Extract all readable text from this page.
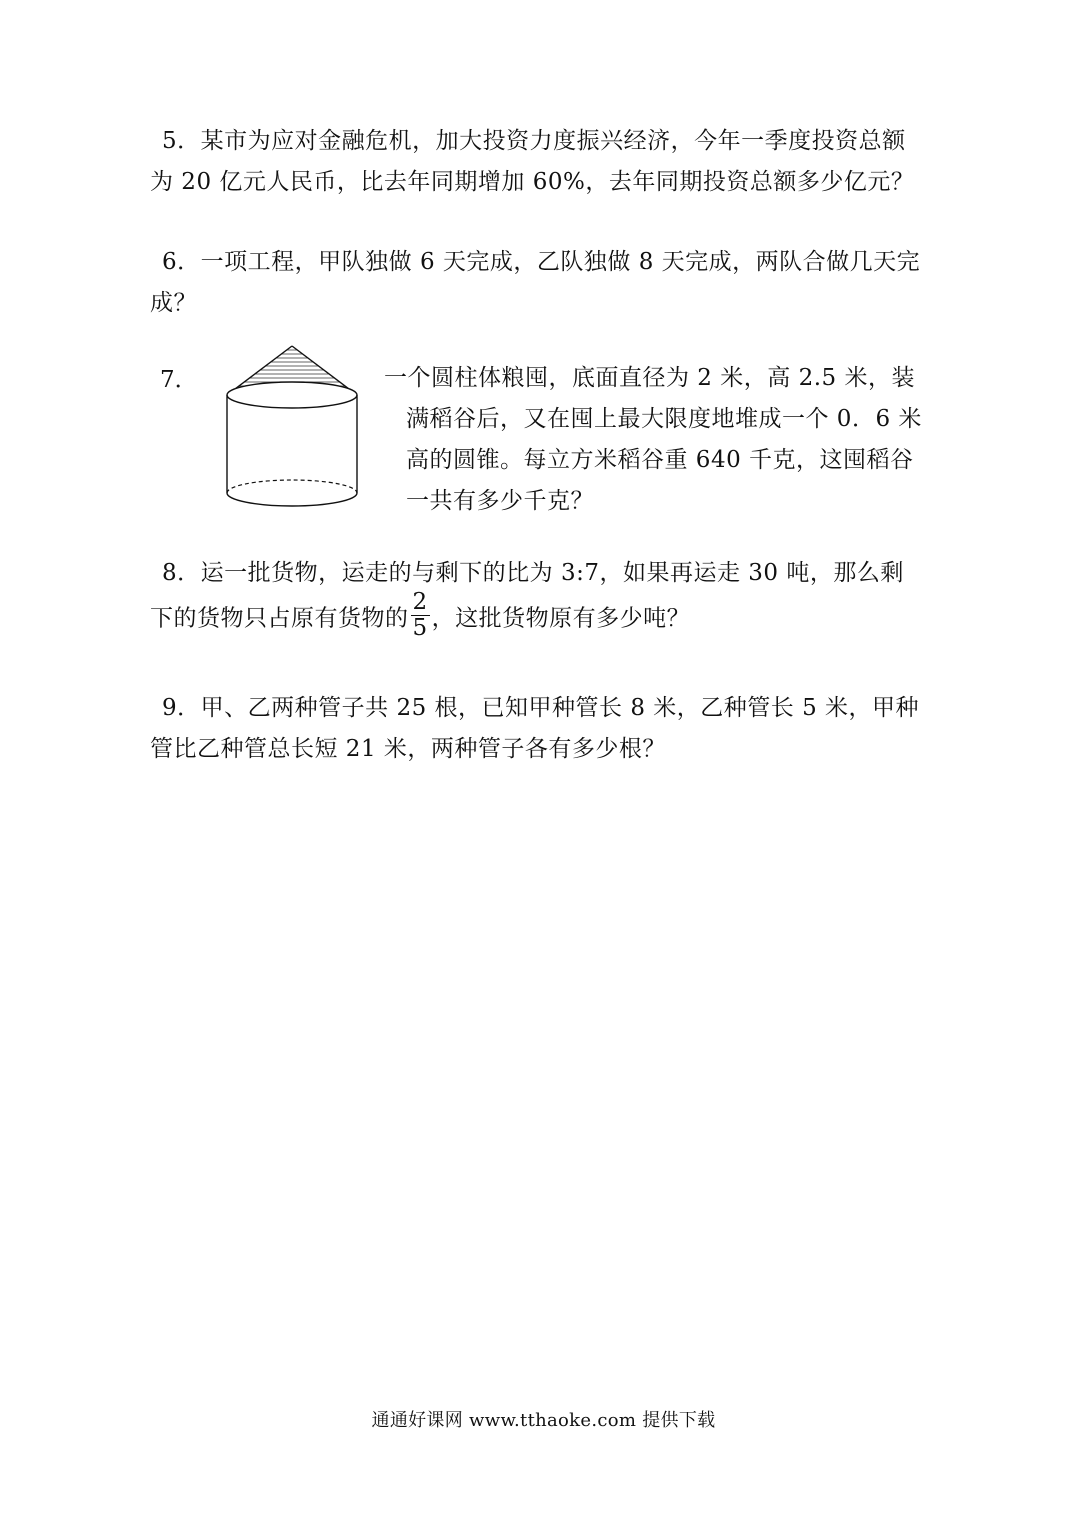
5．某市为应对金融危机，加大投资力度振兴经济，今年一季度投资总额

为 20 亿元人民币，比去年同期增加 60%，去年同期投资总额多少亿元？

6．一项工程，甲队独做 6 天完成，乙队独做 8 天完成，两队合做几天完

成？

7．	一个圆柱体粮囤，底面直径为 2 米，高 2.5 米，装

满稻谷后，又在囤上最大限度地堆成一个 0．6 米

高的圆锥。每立方米稻谷重 640 千克，这囤稻谷

一共有多少千克？

8．运一批货物，运走的与剩下的比为 3:7，如果再运走 30 吨，那么剩

下的货物只占原有货物的 $\frac{2}{5}$ ，这批货物原有多少吨？

9．甲、乙两种管子共 25 根，已知甲种管长 8 米，乙种管长 5 米，甲种

管比乙种管总长短 21 米，两种管子各有多少根？

通通好课网 www.tthaoke.com 提供下载
